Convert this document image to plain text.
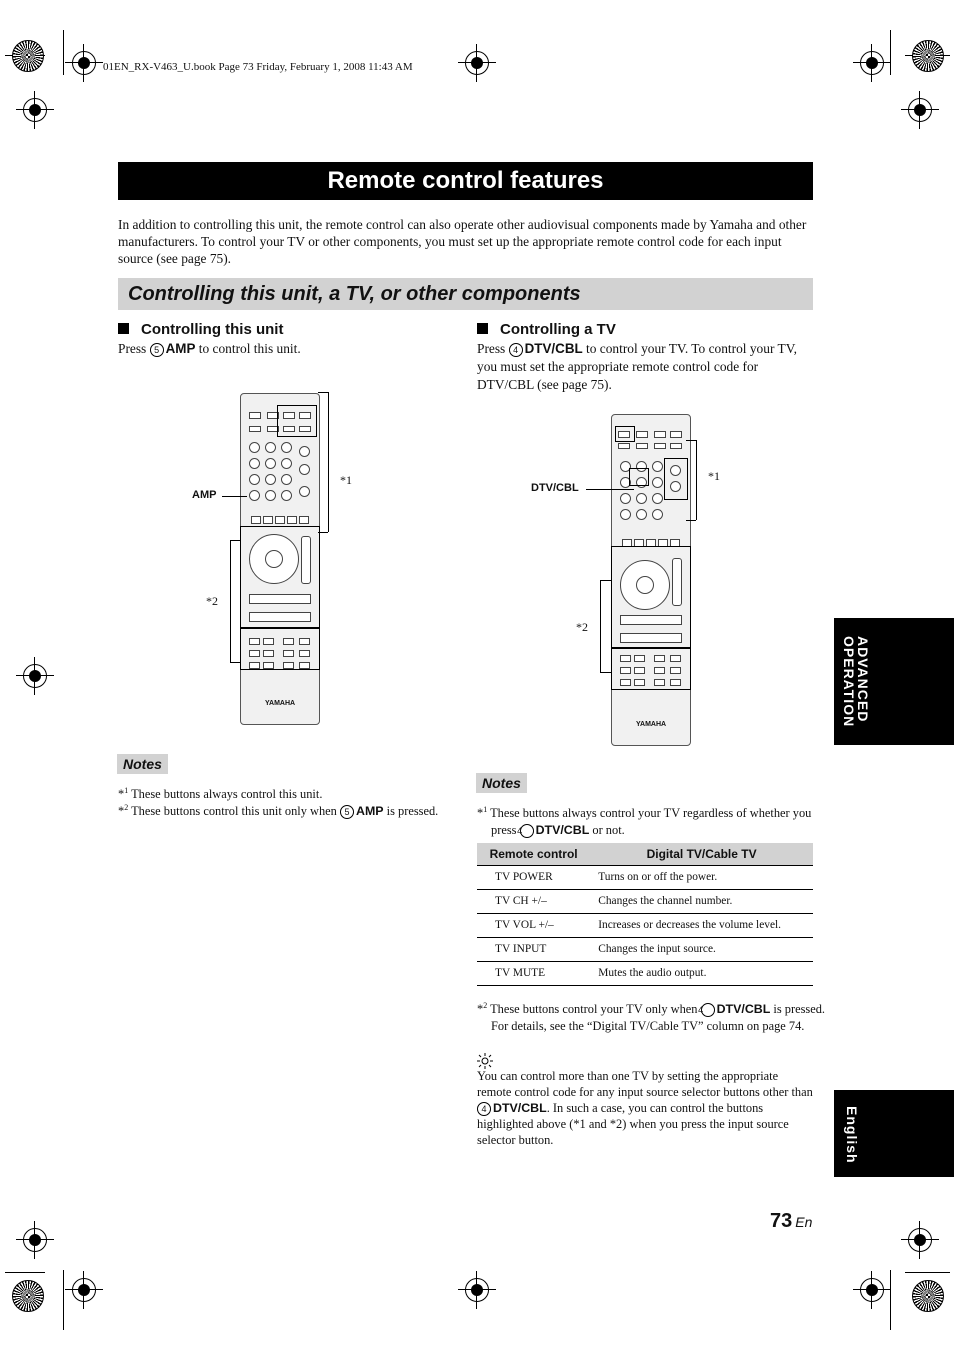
01EN_RX-V463_U.book Page 73 Friday, February 1, 2008 11:43 AM
Remote control features
In addition to controlling this unit, the remote control can also operate other audiovisual components made by Yamaha and other manufacturers. To control your TV or other components, you must set up the appropriate remote control code for each input source (see page 75).
Controlling this unit, a TV, or other components
Controlling this unit
Press 5 AMP to control this unit.
YAMAHA
*1
*2
AMP
Notes
*$^1$ These buttons always control this unit.
*$^2$ These buttons control this unit only when 5 AMP is pressed.
Controlling a TV
Press 4 DTV/CBL to control your TV. To control your TV, you must set the appropriate remote control code for DTV/CBL (see page 75).
YAMAHA
*1
*2
DTV/CBL
Notes
*$^1$ These buttons always control your TV regardless of whether you press 4 DTV/CBL or not.
Remote control	Digital TV/Cable TV
TV POWER	Turns on or off the power.
TV CH +/–	Changes the channel number.
TV VOL +/–	Increases or decreases the volume level.
TV INPUT	Changes the input source.
TV MUTE	Mutes the audio output.
*$^2$ These buttons control your TV only when 4 DTV/CBL is pressed. For details, see the “Digital TV/Cable TV” column on page 74.
You can control more than one TV by setting the appropriate remote control code for any input source selector buttons other than 4 DTV/CBL. In such a case, you can control the buttons highlighted above (*1 and *2) when you press the input source selector button.
ADVANCED OPERATION
English
73 En
